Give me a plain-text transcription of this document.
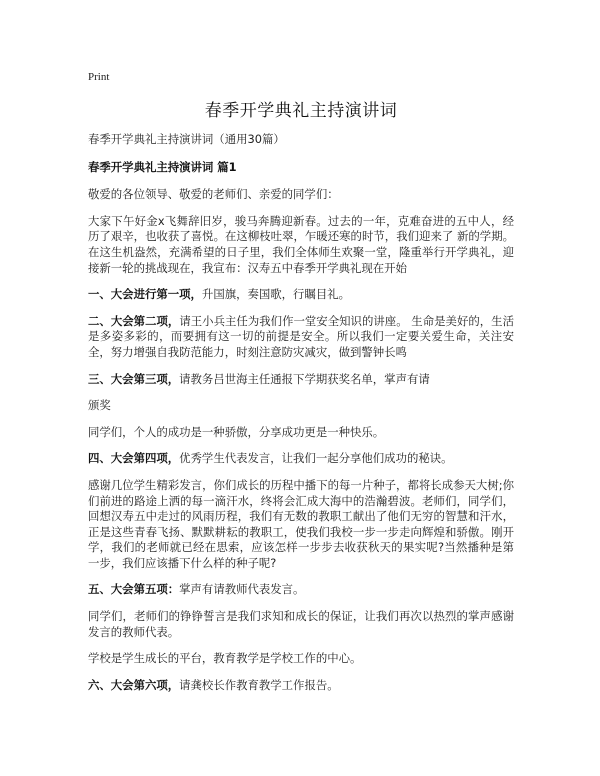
Print
春季开学典礼主持演讲词

春季开学典礼主持演讲词（通用30篇）

春季开学典礼主持演讲词 篇1

敬爱的各位领导、敬爱的老师们、亲爱的同学们：

大家下午好金x飞舞辞旧岁，骏马奔腾迎新春。过去的一年，克难奋进的五中人，经历了艰辛，也收获了喜悦。在这柳枝吐翠，乍暖还寒的时节，我们迎来了 新的学期。在这生机盎然，充满希望的日子里，我们全体师生欢聚一堂，隆重举行开学典礼，迎接新一轮的挑战现在，我宣布：汉寿五中春季开学典礼现在开始

一、大会进行第一项，升国旗，奏国歌，行瞩目礼。

二、大会第二项，请王小兵主任为我们作一堂安全知识的讲座。 生命是美好的，生活是多姿多彩的，而要拥有这一切的前提是安全。所以我们一定要关爱生命，关注安全，努力增强自我防范能力，时刻注意防灾减灾，做到警钟长鸣

三、大会第三项，请教务吕世海主任通报下学期获奖名单，掌声有请

颁奖

同学们，个人的成功是一种骄傲，分享成功更是一种快乐。

四、大会第四项，优秀学生代表发言，让我们一起分享他们成功的秘诀。

感谢几位学生精彩发言，你们成长的历程中播下的每一片种子，都将长成参天大树;你们前进的路途上洒的每一滴汗水，终将会汇成大海中的浩瀚碧波。老师们，同学们，回想汉寿五中走过的风雨历程，我们有无数的教职工献出了他们无穷的智慧和汗水，正是这些青春飞扬、默默耕耘的教职工，使我们我校一步一步走向辉煌和骄傲。刚开学，我们的老师就已经在思索，应该怎样一步步去收获秋天的果实呢?当然播种是第一步，我们应该播下什么样的种子呢?

五、大会第五项：掌声有请教师代表发言。

同学们，老师们的铮铮誓言是我们求知和成长的保证，让我们再次以热烈的掌声感谢发言的教师代表。

学校是学生成长的平台，教育教学是学校工作的中心。

六、大会第六项，请龚校长作教育教学工作报告。
